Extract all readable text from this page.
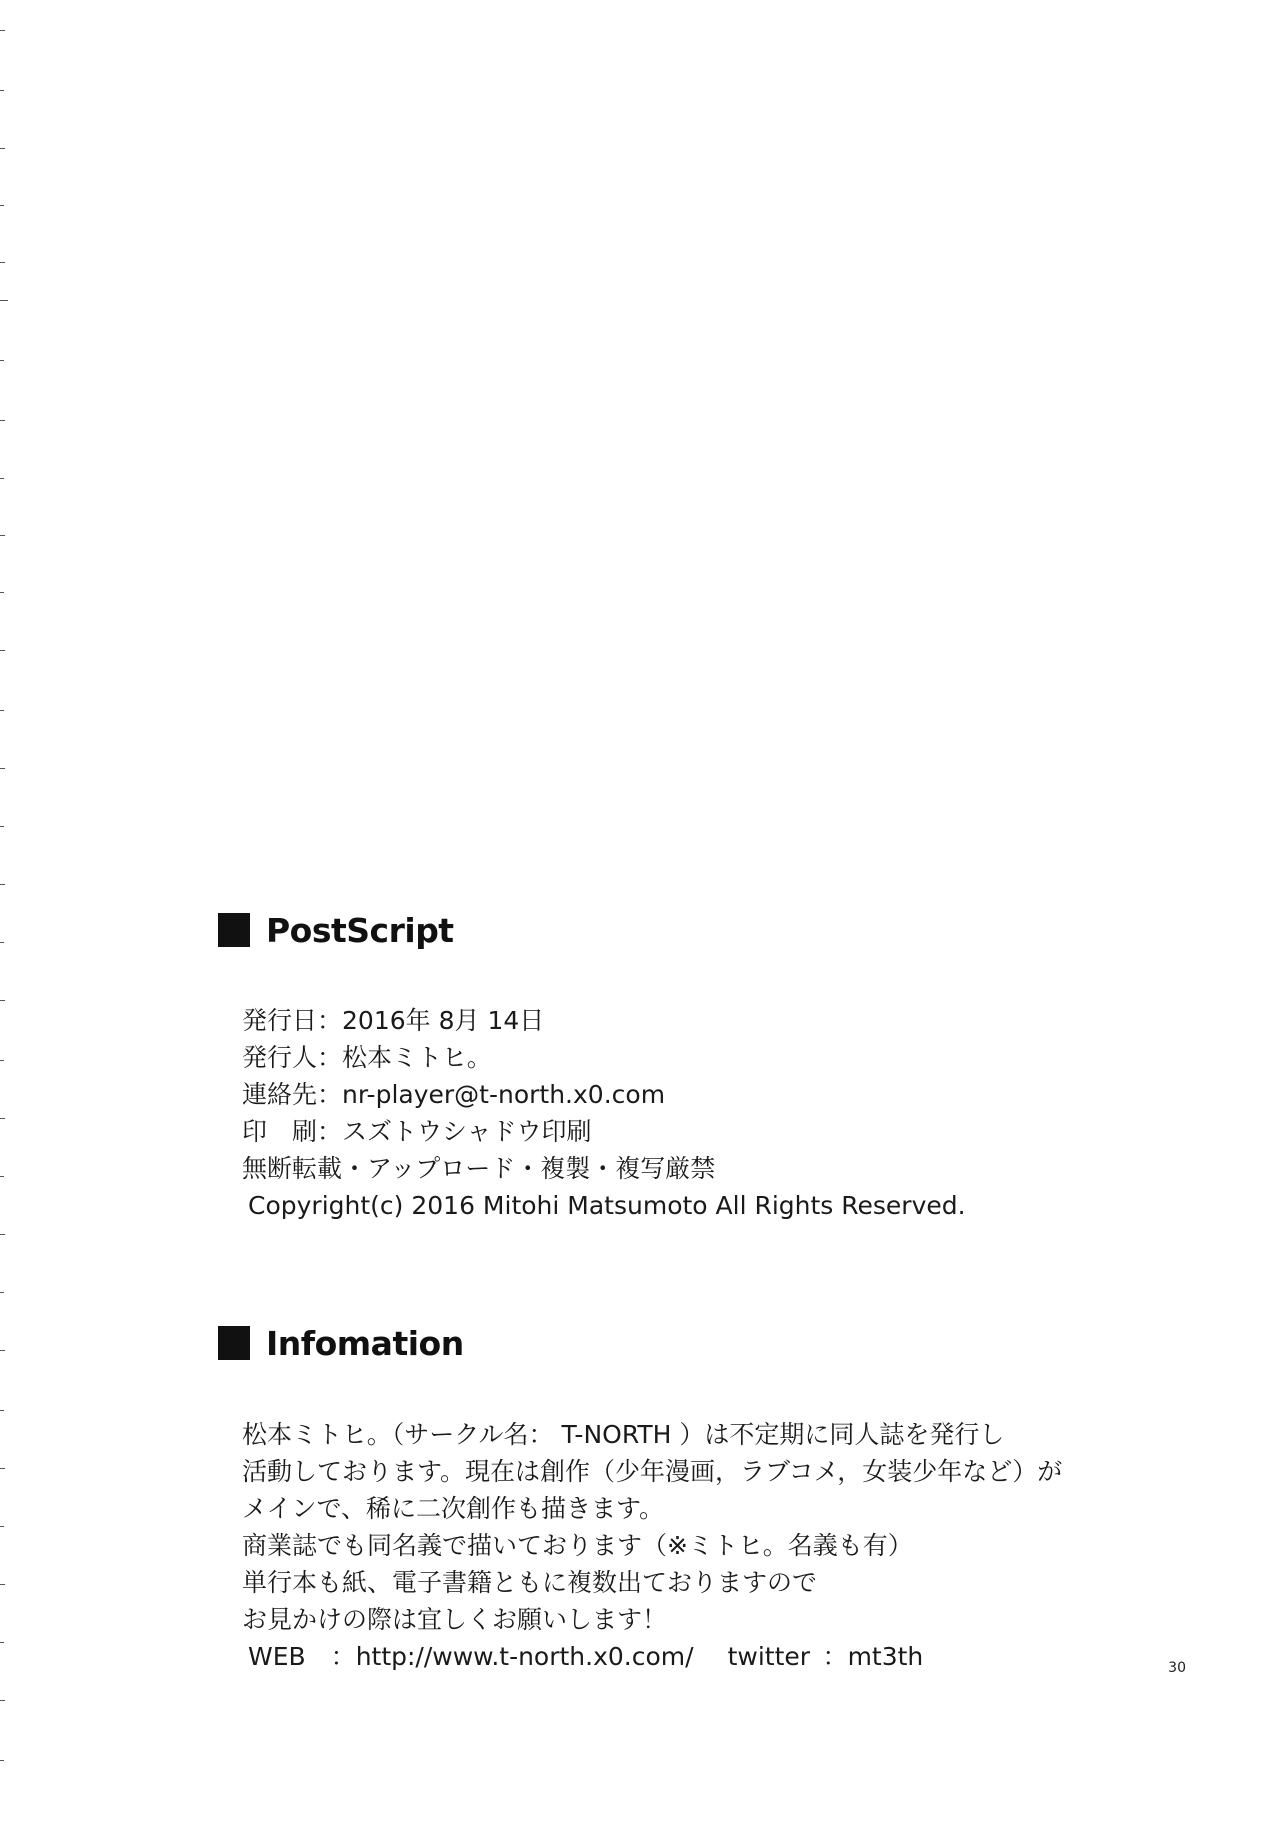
PostScript
発行日 ： 2016年 8月 14日
発行人 ： 松本ミトヒ。
連絡先 ： nr-player@t-north.x0.com
印　刷 ： スズトウシャドウ印刷
無断転載・アップロード・複製・複写厳禁
Copyright(c) 2016 Mitohi Matsumoto All Rights Reserved.
Infomation
松本ミトヒ。（サークル名： T-NORTH ）は不定期に同人誌を発行し
活動しております。現在は創作（少年漫画，ラブコメ，女装少年など）が
メインで、稀に二次創作も描きます。
商業誌でも同名義で描いております（※ミトヒ。名義も有）
単行本も紙、電子書籍ともに複数出ておりますので
お見かけの際は宜しくお願いします！
WEB
  ： http://www.t-north.x0.com/ twitter
  ： mt3th	30
